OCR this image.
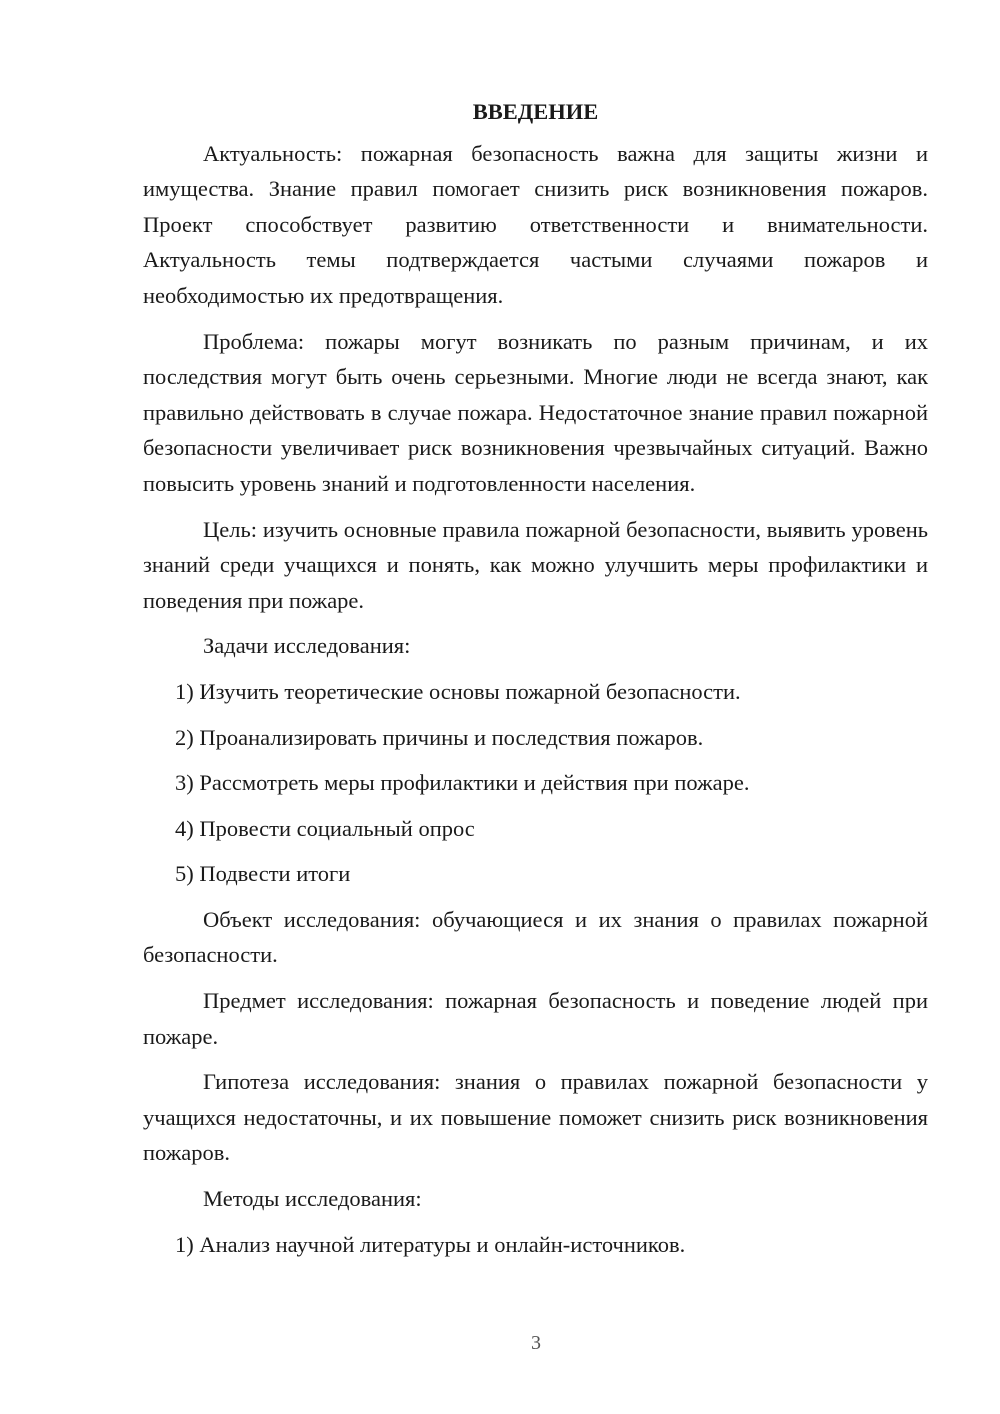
ВВЕДЕНИЕ

Актуальность: пожарная безопасность важна для защиты жизни и имущества. Знание правил помогает снизить риск возникновения пожаров. Проект способствует развитию ответственности и внимательности. Актуальность темы подтверждается частыми случаями пожаров и необходимостью их предотвращения.

Проблема: пожары могут возникать по разным причинам, и их последствия могут быть очень серьезными. Многие люди не всегда знают, как правильно действовать в случае пожара. Недостаточное знание правил пожарной безопасности увеличивает риск возникновения чрезвычайных ситуаций. Важно повысить уровень знаний и подготовленности населения.

Цель: изучить основные правила пожарной безопасности, выявить уровень знаний среди учащихся и понять, как можно улучшить меры профилактики и поведения при пожаре.

Задачи исследования:

1) Изучить теоретические основы пожарной безопасности.

2) Проанализировать причины и последствия пожаров.

3) Рассмотреть меры профилактики и действия при пожаре.

4) Провести социальный опрос

5) Подвести итоги

Объект исследования: обучающиеся и их знания о правилах пожарной безопасности.

Предмет исследования: пожарная безопасность и поведение людей при пожаре.

Гипотеза исследования: знания о правилах пожарной безопасности у учащихся недостаточны, и их повышение поможет снизить риск возникновения пожаров.

Методы исследования:

1) Анализ научной литературы и онлайн-источников.

3
